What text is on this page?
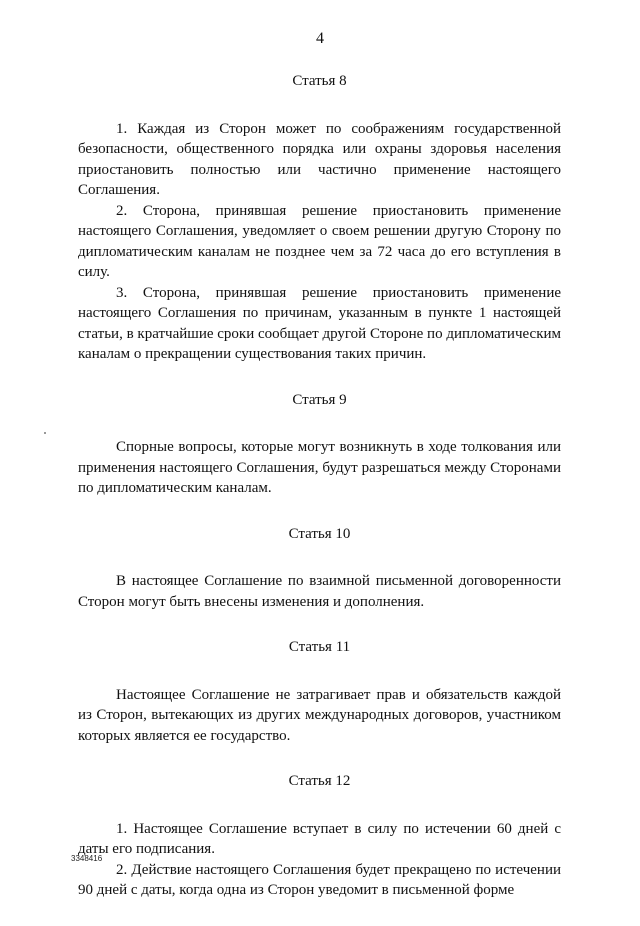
4
Статья 8

1. Каждая из Сторон может по соображениям государственной безопасности, общественного порядка или охраны здоровья населения приостановить полностью или частично применение настоящего Соглашения.

2. Сторона, принявшая решение приостановить применение настоящего Соглашения, уведомляет о своем решении другую Сторону по дипломатическим каналам не позднее чем за 72 часа до его вступления в силу.

3. Сторона, принявшая решение приостановить применение настоящего Соглашения по причинам, указанным в пункте 1 настоящей статьи, в кратчайшие сроки сообщает другой Стороне по дипломатическим каналам о прекращении существования таких причин.

Статья 9

Спорные вопросы, которые могут возникнуть в ходе толкования или применения настоящего Соглашения, будут разрешаться между Сторонами по дипломатическим каналам.

Статья 10

В настоящее Соглашение по взаимной письменной договоренности Сторон могут быть внесены изменения и дополнения.

Статья 11

Настоящее Соглашение не затрагивает прав и обязательств каждой из Сторон, вытекающих из других международных договоров, участником которых является ее государство.

Статья 12

1. Настоящее Соглашение вступает в силу по истечении 60 дней с даты его подписания.

2. Действие настоящего Соглашения будет прекращено по истечении 90 дней с даты, когда одна из Сторон уведомит в письменной форме

3348416
